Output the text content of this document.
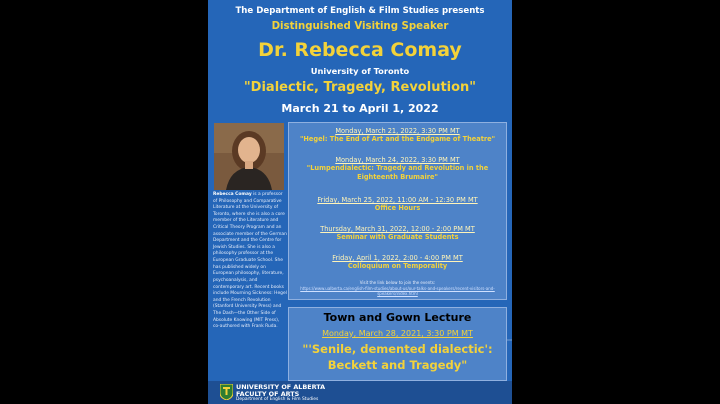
The Department of English & Film Studies presents
Distinguished Visiting Speaker
Dr. Rebecca Comay
University of Toronto
"Dialectic, Tragedy, Revolution"
March 21 to April 1, 2022
Rebecca Comay is a professor of Philosophy and Comparative Literature at the University of Toronto, where she is also a core member of the Literature and Critical Theory Program and an associate member of the German Department and the Centre for Jewish Studies. She is also a philosophy professor at the European Graduate School. She has published widely on European philosophy, literature, psychoanalysis, and contemporary art. Recent books include Mourning Sickness: Hegel and the French Revolution (Stanford University Press) and The Dash—the Other Side of Absolute Knowing (MIT Press), co-authored with Frank Ruda.
Monday, March 21, 2022, 3:30 PM MT
"Hegel: The End of Art and the Endgame of Theatre"
Monday, March 24, 2022, 3:30 PM MT
"Lumpendialectic: Tragedy and Revolution in the Eighteenth Brumaire"
Friday, March 25, 2022, 11:00 AM - 12:30 PM MT
Office Hours
Thursday, March 31, 2022, 12:00 - 2:00 PM MT
Seminar with Graduate Students
Friday, April 1, 2022, 2:00 - 4:00 PM MT
Colloquium on Temporality
Visit the link below to join the events:
https://www.ualberta.ca/english-film-studies/about-us/our-talks-and-speakers/recent-visitors-and-speakers/index.html
Town and Gown Lecture
Monday, March 28, 2021, 3:30 PM MT
"'Senile, demented dialectic': Beckett and Tragedy"
UNIVERSITY OF ALBERTA
FACULTY OF ARTS
Department of English & Film Studies
